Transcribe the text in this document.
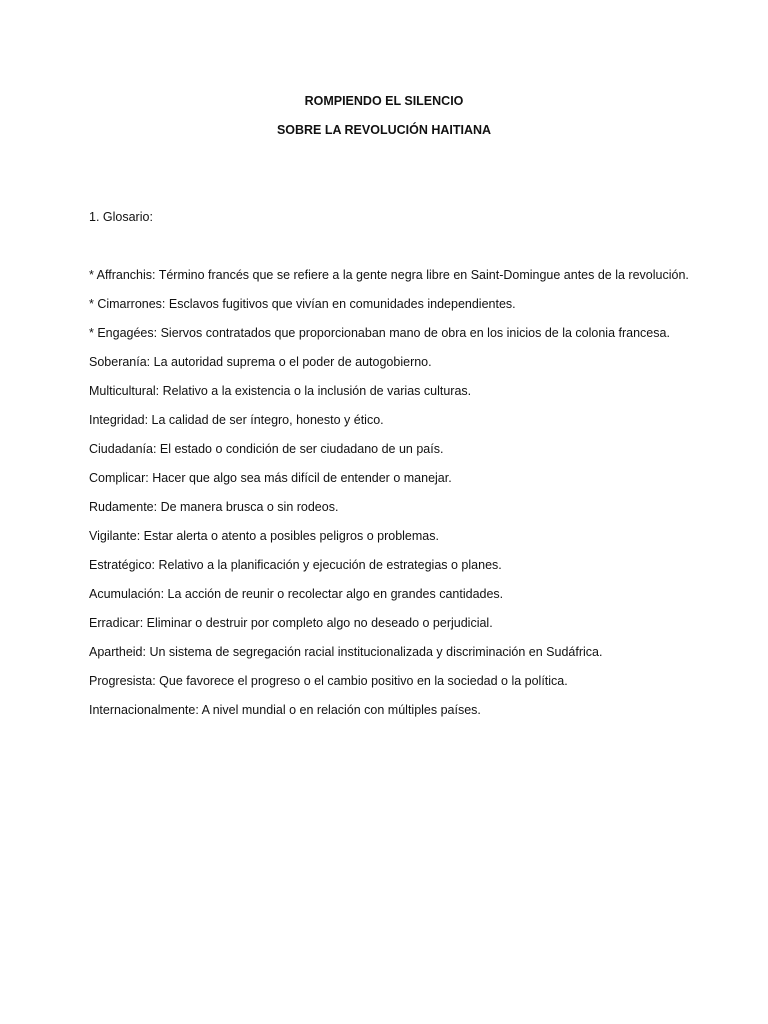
ROMPIENDO EL SILENCIO
SOBRE LA REVOLUCIÓN HAITIANA
1. Glosario:

* Affranchis: Término francés que se refiere a la gente negra libre en Saint-Domingue antes de la revolución.

* Cimarrones: Esclavos fugitivos que vivían en comunidades independientes.

* Engagées: Siervos contratados que proporcionaban mano de obra en los inicios de la colonia francesa.

Soberanía: La autoridad suprema o el poder de autogobierno.

Multicultural: Relativo a la existencia o la inclusión de varias culturas.

Integridad: La calidad de ser íntegro, honesto y ético.

Ciudadanía: El estado o condición de ser ciudadano de un país.

Complicar: Hacer que algo sea más difícil de entender o manejar.

Rudamente: De manera brusca o sin rodeos.

Vigilante: Estar alerta o atento a posibles peligros o problemas.

Estratégico: Relativo a la planificación y ejecución de estrategias o planes.

Acumulación: La acción de reunir o recolectar algo en grandes cantidades.

Erradicar: Eliminar o destruir por completo algo no deseado o perjudicial.

Apartheid: Un sistema de segregación racial institucionalizada y discriminación en Sudáfrica.

Progresista: Que favorece el progreso o el cambio positivo en la sociedad o la política.

Internacionalmente: A nivel mundial o en relación con múltiples países.
